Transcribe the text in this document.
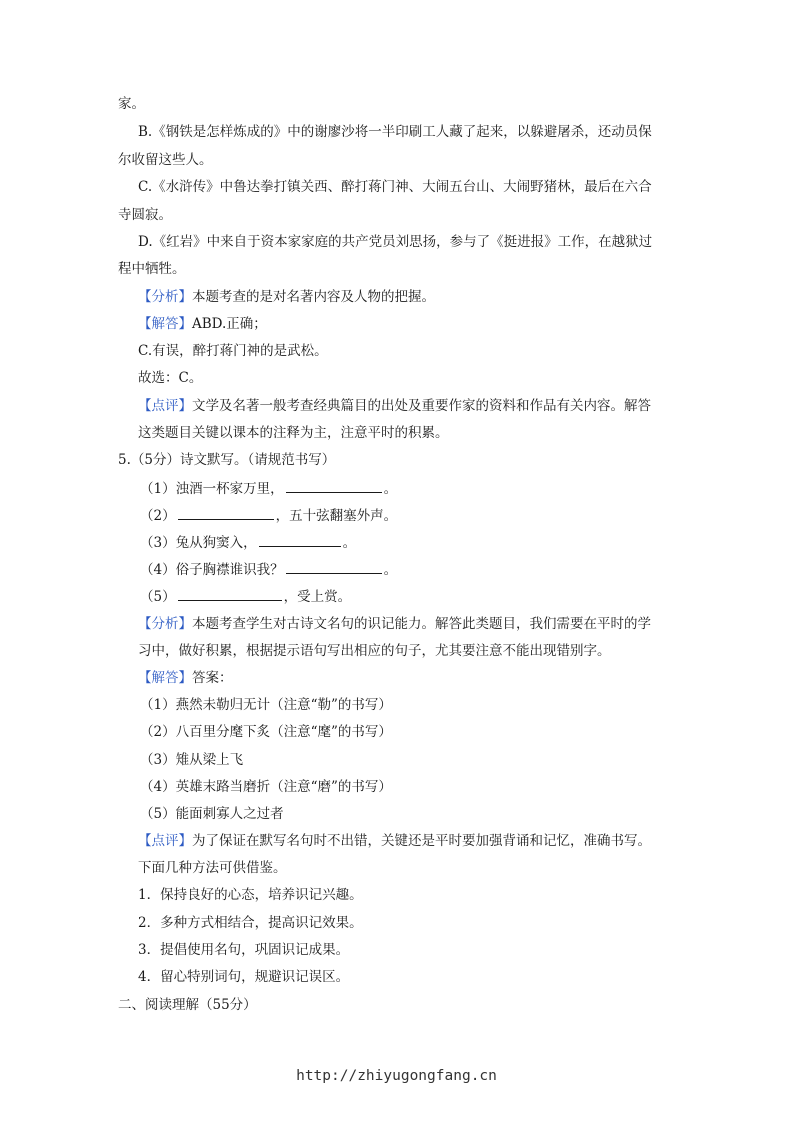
家。
B.《钢铁是怎样炼成的》中的谢廖沙将一半印刷工人藏了起来，以躲避屠杀，还动员保
尔收留这些人。
C.《水浒传》中鲁达拳打镇关西、醉打蒋门神、大闹五台山、大闹野猪林，最后在六合
寺圆寂。
D.《红岩》中来自于资本家家庭的共产党员刘思扬，参与了《挺进报》工作，在越狱过
程中牺牲。
【分析】本题考查的是对名著内容及人物的把握。
【解答】ABD.正确；
C.有误，醉打蒋门神的是武松。
故选：C。
【点评】文学及名著一般考查经典篇目的出处及重要作家的资料和作品有关内容。解答
这类题目关键以课本的注释为主，注意平时的积累。
5.（5分）诗文默写。（请规范书写）
（1）浊酒一杯家万里，	。
（2）	，五十弦翻塞外声。
（3）兔从狗窦入，	。
（4）俗子胸襟谁识我？	。
（5）	，受上赏。
【分析】本题考查学生对古诗文名句的识记能力。解答此类题目，我们需要在平时的学
习中，做好积累，根据提示语句写出相应的句子，尤其要注意不能出现错别字。
【解答】答案：
（1）燕然未勒归无计（注意“勒”的书写）
（2）八百里分麾下炙（注意“麾”的书写）
（3）雉从梁上飞
（4）英雄末路当磨折（注意“磨”的书写）
（5）能面刺寡人之过者
【点评】为了保证在默写名句时不出错，关键还是平时要加强背诵和记忆，准确书写。
下面几种方法可供借鉴。
1．保持良好的心态，培养识记兴趣。
2．多种方式相结合，提高识记效果。
3．提倡使用名句，巩固识记成果。
4．留心特别词句，规避识记误区。
二、阅读理解（55分）
http://zhiyugongfang.cn
